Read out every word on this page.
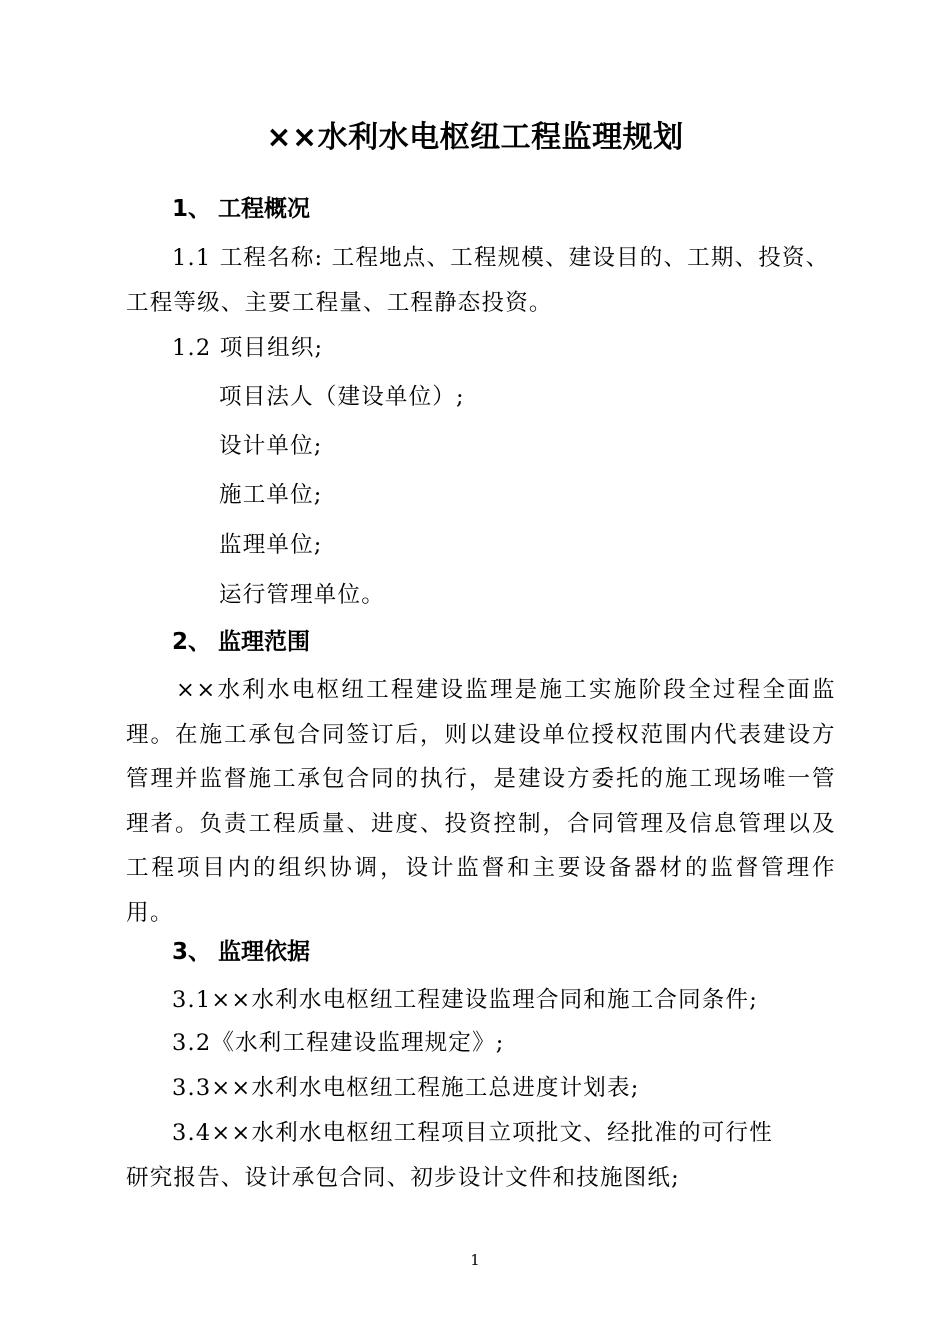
××水利水电枢纽工程监理规划
1、 工程概况
1.1 工程名称: 工程地点、工程规模、建设目的、工期、投资、
工程等级、主要工程量、工程静态投资。
1.2 项目组织;
项目法人（建设单位）;
设计单位;
施工单位;
监理单位;
运行管理单位。
2、 监理范围
××水利水电枢纽工程建设监理是施工实施阶段全过程全面监理。在施工承包合同签订后，则以建设单位授权范围内代表建设方管理并监督施工承包合同的执行，是建设方委托的施工现场唯一管理者。负责工程质量、进度、投资控制，合同管理及信息管理以及工程项目内的组织协调，设计监督和主要设备器材的监督管理作用。
3、 监理依据
3.1××水利水电枢纽工程建设监理合同和施工合同条件;
3.2《水利工程建设监理规定》;
3.3××水利水电枢纽工程施工总进度计划表;
3.4××水利水电枢纽工程项目立项批文、经批准的可行性
研究报告、设计承包合同、初步设计文件和技施图纸;
1
